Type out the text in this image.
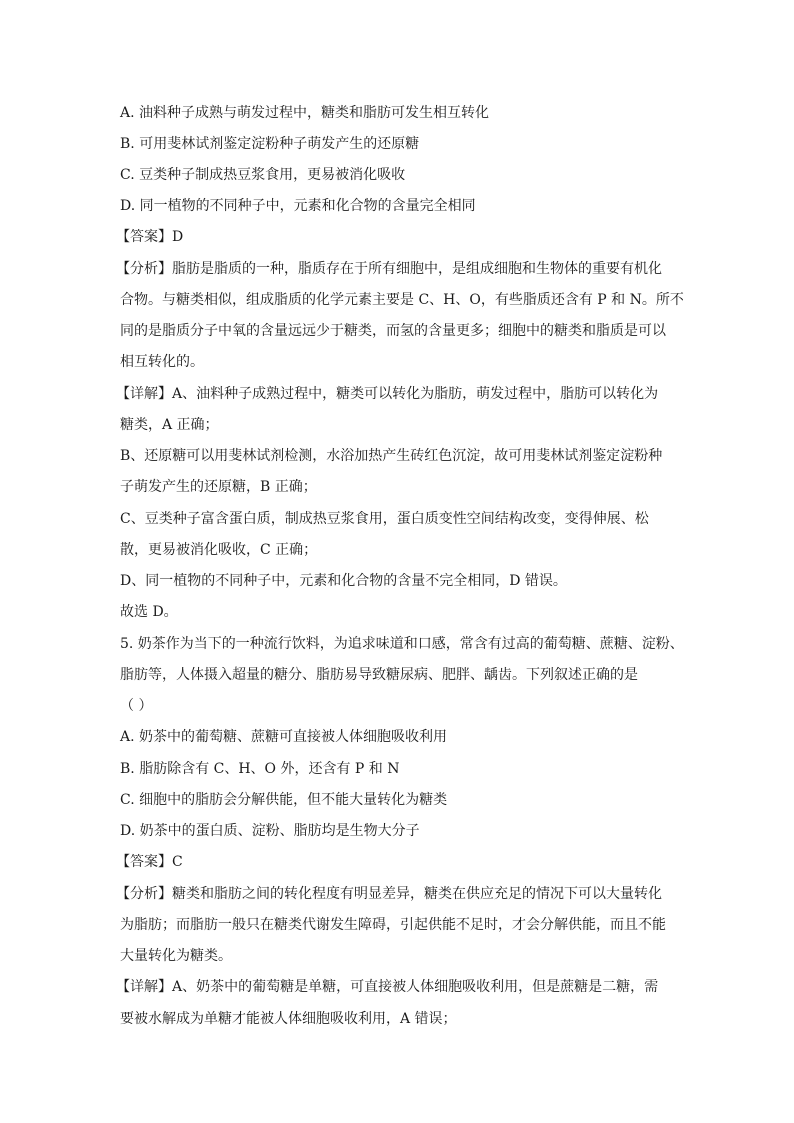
A. 油料种子成熟与萌发过程中，糖类和脂肪可发生相互转化
B. 可用斐林试剂鉴定淀粉种子萌发产生的还原糖
C. 豆类种子制成热豆浆食用，更易被消化吸收
D. 同一植物的不同种子中，元素和化合物的含量完全相同
【答案】D
【分析】脂肪是脂质的一种，脂质存在于所有细胞中，是组成细胞和生物体的重要有机化
合物。与糖类相似，组成脂质的化学元素主要是 C、H、O，有些脂质还含有 P 和 N。所不
同的是脂质分子中氧的含量远远少于糖类，而氢的含量更多；细胞中的糖类和脂质是可以
相互转化的。
【详解】A、油料种子成熟过程中，糖类可以转化为脂肪，萌发过程中，脂肪可以转化为
糖类，A 正确；
B、还原糖可以用斐林试剂检测，水浴加热产生砖红色沉淀，故可用斐林试剂鉴定淀粉种
子萌发产生的还原糖，B 正确；
C、豆类种子富含蛋白质，制成热豆浆食用，蛋白质变性空间结构改变，变得伸展、松
散，更易被消化吸收，C 正确；
D、同一植物的不同种子中，元素和化合物的含量不完全相同，D 错误。
故选 D。
5. 奶茶作为当下的一种流行饮料，为追求味道和口感，常含有过高的葡萄糖、蔗糖、淀粉、
脂肪等，人体摄入超量的糖分、脂肪易导致糖尿病、肥胖、龋齿。下列叙述正确的是
（ ）
A. 奶茶中的葡萄糖、蔗糖可直接被人体细胞吸收利用
B. 脂肪除含有 C、H、O 外，还含有 P 和 N
C. 细胞中的脂肪会分解供能，但不能大量转化为糖类
D. 奶茶中的蛋白质、淀粉、脂肪均是生物大分子
【答案】C
【分析】糖类和脂肪之间的转化程度有明显差异，糖类在供应充足的情况下可以大量转化
为脂肪；而脂肪一般只在糖类代谢发生障碍，引起供能不足时，才会分解供能，而且不能
大量转化为糖类。
【详解】A、奶茶中的葡萄糖是单糖，可直接被人体细胞吸收利用，但是蔗糖是二糖，需
要被水解成为单糖才能被人体细胞吸收利用，A 错误；
